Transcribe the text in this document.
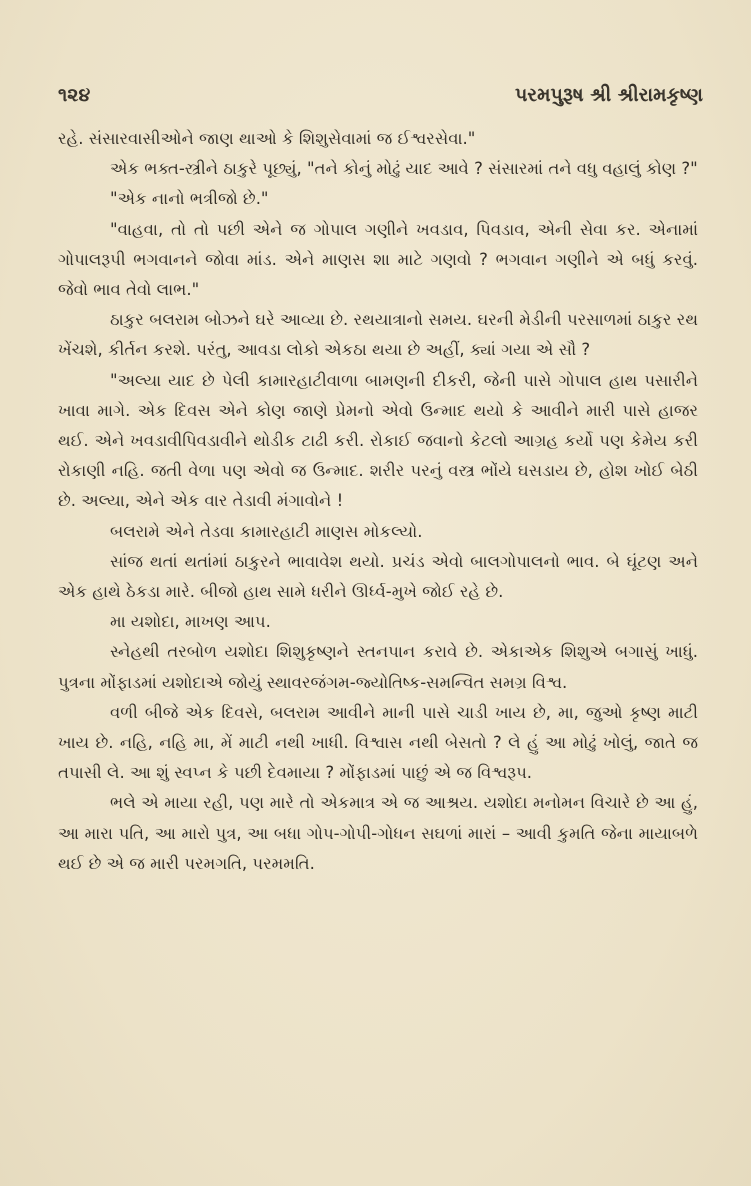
૧૨૪	પરમપુરૂષ શ્રી શ્રીરામકૃષ્ણ

રહે. સંસારવાસીઓને જાણ થાઓ કે શિશુસેવામાં જ ઈશ્વરસેવા."

એક ભક્ત-સ્ત્રીને ઠાકુરે પૂછ્યું, "તને કોનું મોઢું યાદ આવે ? સંસારમાં તને વધુ વહાલું કોણ ?"

"એક નાનો ભત્રીજો છે."

"વાહવા, તો તો પછી એને જ ગોપાલ ગણીને ખવડાવ, પિવડાવ, એની સેવા કર. એનામાં ગોપાલરૂપી ભગવાનને જોવા માંડ. એને માણસ શા માટે ગણવો ? ભગવાન ગણીને એ બધું કરવું. જેવો ભાવ તેવો લાભ."

ઠાકુર બલરામ બોઝને ઘરે આવ્યા છે. રથયાત્રાનો સમય. ઘરની મેડીની પરસાળમાં ઠાકુર રથ ખેંચશે, કીર્તન કરશે. પરંતુ, આવડા લોકો એકઠા થયા છે અહીં, ક્યાં ગયા એ સૌ ?

"અલ્યા યાદ છે પેલી કામારહાટીવાળા બામણની દીકરી, જેની પાસે ગોપાલ હાથ પસારીને ખાવા માગે. એક દિવસ એને કોણ જાણે પ્રેમનો એવો ઉન્માદ થયો કે આવીને મારી પાસે હાજર થઈ. એને ખવડાવીપિવડાવીને થોડીક ટાઢી કરી. રોકાઈ જવાનો કેટલો આગ્રહ કર્યો પણ કેમેય કરી રોકાણી નહિ. જતી વેળા પણ એવો જ ઉન્માદ. શરીર પરનું વસ્ત્ર ભોંયે ઘસડાય છે, હોશ ખોઈ બેઠી છે. અલ્યા, એને એક વાર તેડાવી મંગાવોને !

બલરામે એને તેડવા કામારહાટી માણસ મોકલ્યો.

સાંજ થતાં થતાંમાં ઠાકુરને ભાવાવેશ થયો. પ્રચંડ એવો બાલગોપાલનો ભાવ. બે ઘૂંટણ અને એક હાથે ઠેકડા મારે. બીજો હાથ સામે ધરીને ઊર્ધ્વ-મુખે જોઈ રહે છે.

મા યશોદા, માખણ આપ.

સ્નેહથી તરબોળ યશોદા શિશુકૃષ્ણને સ્તનપાન કરાવે છે. એકાએક શિશુએ બગાસું ખાધું. પુત્રના મોંફાડમાં યશોદાએ જોયું સ્થાવરજંગમ-જ્યોતિષ્ક-સમન્વિત સમગ્ર વિશ્વ.

વળી બીજે એક દિવસે, બલરામ આવીને માની પાસે ચાડી ખાય છે, મા, જુઓ કૃષ્ણ માટી ખાય છે. નહિ, નહિ મા, મેં માટી નથી ખાધી. વિશ્વાસ નથી બેસતો ? લે હું આ મોઢું ખોલું, જાતે જ તપાસી લે. આ શું સ્વપ્ન કે પછી દેવમાયા ? મોંફાડમાં પાછું એ જ વિશ્વરૂપ.

ભલે એ માયા રહી, પણ મારે તો એકમાત્ર એ જ આશ્રય. યશોદા મનોમન વિચારે છે આ હું, આ મારા પતિ, આ મારો પુત્ર, આ બધા ગોપ-ગોપી-ગોધન સઘળાં મારાં – આવી કુમતિ જેના માયાબળે થઈ છે એ જ મારી પરમગતિ, પરમમતિ.
